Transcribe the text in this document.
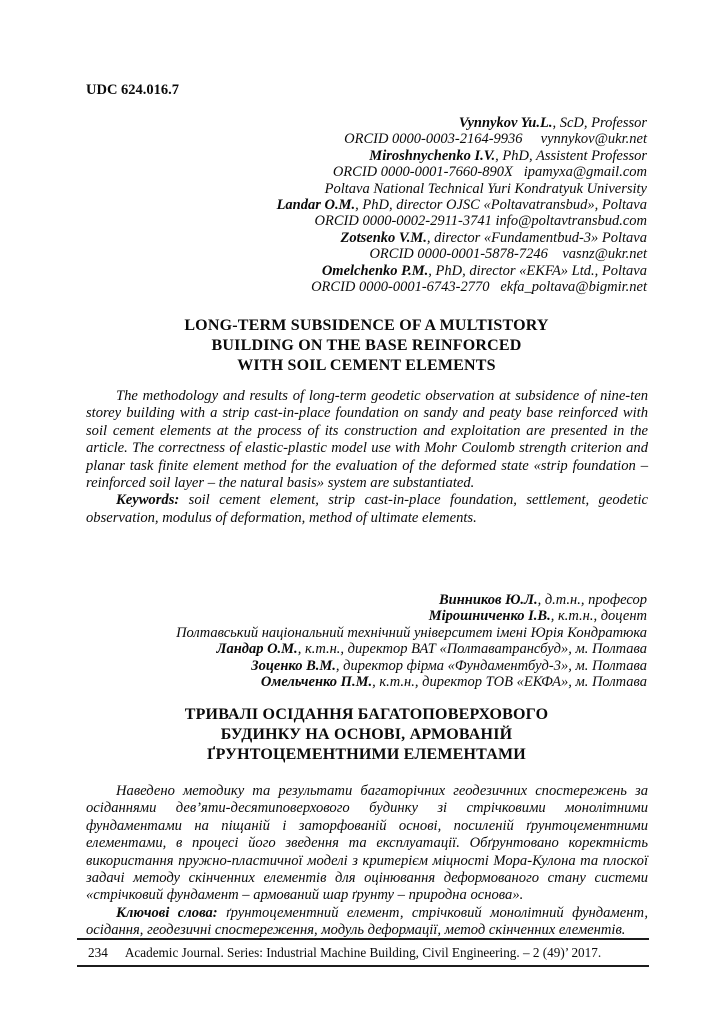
UDC 624.016.7
Vynnykov Yu.L., ScD, Professor
ORCID 0000-0003-2164-9936     vynnykov@ukr.net
Miroshnychenko I.V., PhD, Assistent Professor
ORCID 0000-0001-7660-890X   ipamyxa@gmail.com
Poltava National Technical Yuri Kondratyuk University
Landar O.M., PhD, director OJSC «Poltavatransbud», Poltava
ORCID 0000-0002-2911-3741 info@poltavtransbud.com
Zotsenko V.M., director «Fundamentbud-3» Poltava
ORCID 0000-0001-5878-7246    vasnz@ukr.net
Omelchenko P.M., PhD, director «EKFA» Ltd., Poltava
ORCID 0000-0001-6743-2770   ekfa_poltava@bigmir.net
LONG-TERM SUBSIDENCE OF A MULTISTORY
BUILDING ON THE BASE REINFORCED
WITH SOIL CEMENT ELEMENTS

The methodology and results of long-term geodetic observation at subsidence of nine-ten storey building with a strip cast-in-place foundation on sandy and peaty base reinforced with soil cement elements at the process of its construction and exploitation are presented in the article. The correctness of elastic-plastic model use with Mohr Coulomb strength criterion and planar task finite element method for the evaluation of the deformed state «strip foundation – reinforced soil layer – the natural basis» system are substantiated.

Keywords: soil cement element, strip cast-in-place foundation, settlement, geodetic observation, modulus of deformation, method of ultimate elements.

Винников Ю.Л., д.т.н., професор
Мірошниченко І.В., к.т.н., доцент
Полтавський національний технічний університет імені Юрія Кондратюка
Ландар О.М., к.т.н., директор ВАТ «Полтаватрансбуд», м. Полтава
Зоценко В.М., директор фірма «Фундаментбуд-3», м. Полтава
Омельченко П.М., к.т.н., директор ТОВ «ЕКФА», м. Полтава
ТРИВАЛІ ОСІДАННЯ БАГАТОПОВЕРХОВОГО
БУДИНКУ НА ОСНОВІ, АРМОВАНІЙ
ҐРУНТОЦЕМЕНТНИМИ ЕЛЕМЕНТАМИ

Наведено методику та результати багаторічних геодезичних спостережень за осіданнями дев’яти-десятиповерхового будинку зі стрічковими монолітними фундаментами на піщаній і заторфованій основі, посиленій ґрунтоцементними елементами, в процесі його зведення та експлуатації. Обґрунтовано коректність використання пружно-пластичної моделі з критерієм міцності Мора-Кулона та плоскої задачі методу скінченних елементів для оцінювання деформованого стану системи «стрічковий фундамент – армований шар ґрунту – природна основа».

Ключові слова: ґрунтоцементний елемент, стрічковий монолітний фундамент, осідання, геодезичні спостереження, модуль деформації, метод скінченних елементів.

234	Academic Journal. Series: Industrial Machine Building, Civil Engineering. – 2 (49)’ 2017.
